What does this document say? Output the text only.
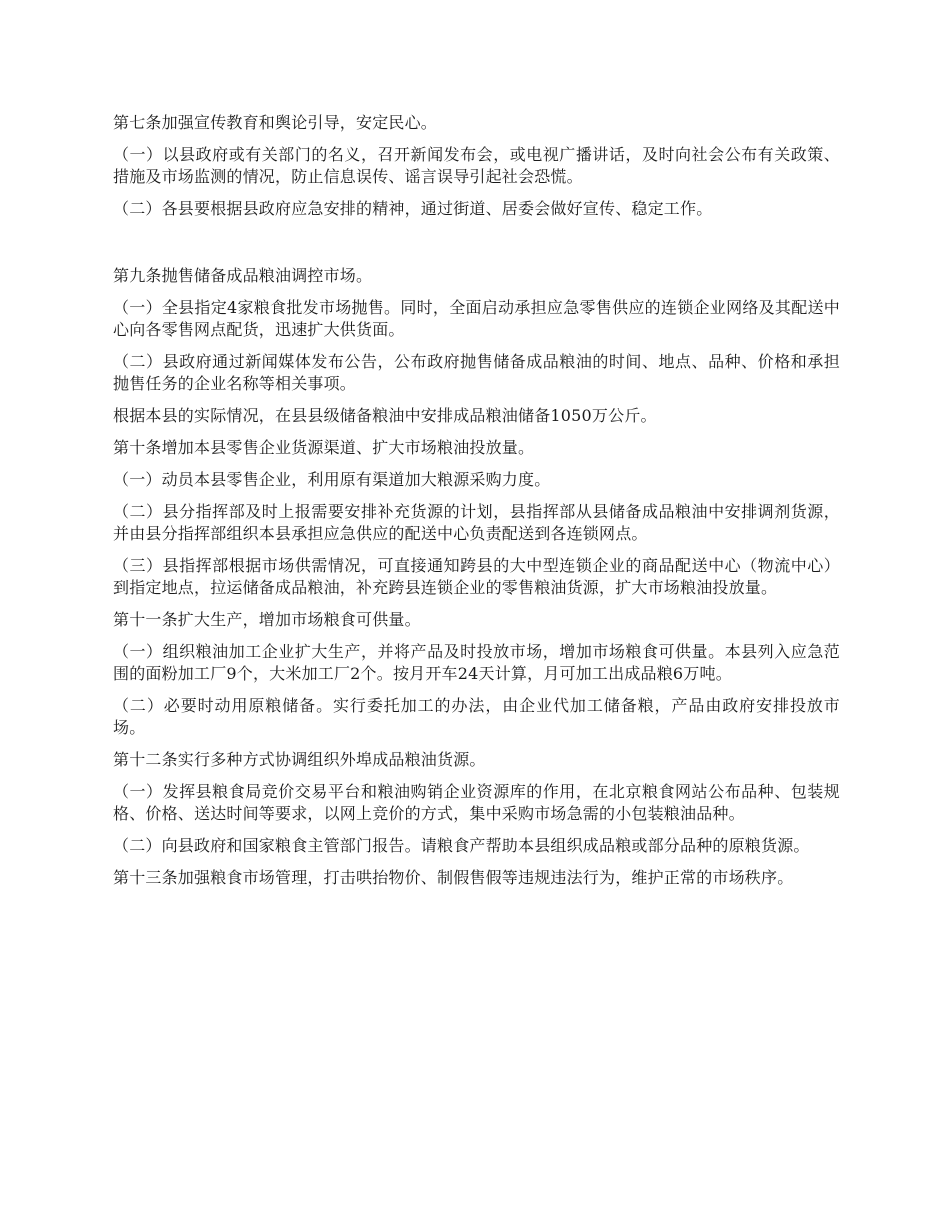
第七条加强宣传教育和舆论引导，安定民心。

（一）以县政府或有关部门的名义，召开新闻发布会，或电视广播讲话，及时向社会公布有关政策、措施及市场监测的情况，防止信息误传、谣言误导引起社会恐慌。

（二）各县要根据县政府应急安排的精神，通过街道、居委会做好宣传、稳定工作。

第九条抛售储备成品粮油调控市场。

（一）全县指定4家粮食批发市场抛售。同时，全面启动承担应急零售供应的连锁企业网络及其配送中心向各零售网点配货，迅速扩大供货面。

（二）县政府通过新闻媒体发布公告，公布政府抛售储备成品粮油的时间、地点、品种、价格和承担抛售任务的企业名称等相关事项。

根据本县的实际情况，在县县级储备粮油中安排成品粮油储备1050万公斤。

第十条增加本县零售企业货源渠道、扩大市场粮油投放量。

（一）动员本县零售企业，利用原有渠道加大粮源采购力度。

（二）县分指挥部及时上报需要安排补充货源的计划，县指挥部从县储备成品粮油中安排调剂货源，并由县分指挥部组织本县承担应急供应的配送中心负责配送到各连锁网点。

（三）县指挥部根据市场供需情况，可直接通知跨县的大中型连锁企业的商品配送中心（物流中心）到指定地点，拉运储备成品粮油，补充跨县连锁企业的零售粮油货源，扩大市场粮油投放量。

第十一条扩大生产，增加市场粮食可供量。

（一）组织粮油加工企业扩大生产，并将产品及时投放市场，增加市场粮食可供量。本县列入应急范围的面粉加工厂9个，大米加工厂2个。按月开车24天计算，月可加工出成品粮6万吨。

（二）必要时动用原粮储备。实行委托加工的办法，由企业代加工储备粮，产品由政府安排投放市场。

第十二条实行多种方式协调组织外埠成品粮油货源。

（一）发挥县粮食局竞价交易平台和粮油购销企业资源库的作用，在北京粮食网站公布品种、包装规格、价格、送达时间等要求，以网上竞价的方式，集中采购市场急需的小包装粮油品种。

（二）向县政府和国家粮食主管部门报告。请粮食产帮助本县组织成品粮或部分品种的原粮货源。

第十三条加强粮食市场管理，打击哄抬物价、制假售假等违规违法行为，维护正常的市场秩序。
